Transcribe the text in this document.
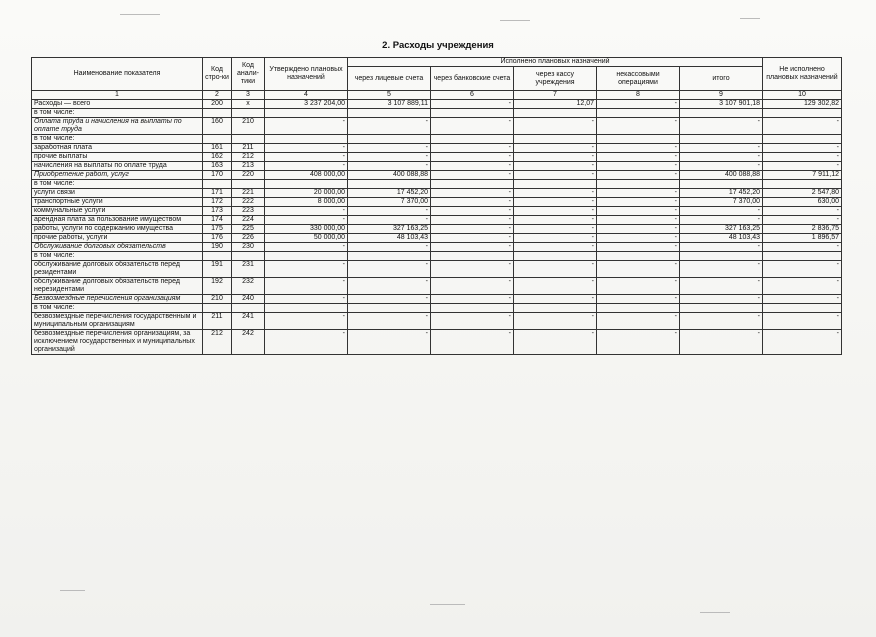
2. Расходы учреждения
Наименование показателя	Код стро-ки	Код анали-тики	Утверждено плановых назначений	Исполнено плановых назначений					Не исполнено плановых назначений
				через лицевые счета	через банковские счета	через кассу учреждения	некассовыми операциями	итого	
1	2	3	4	5	6	7	8	9	10
Расходы — всего	200	x	3 237 204,00	3 107 889,11	-	12,07	-	3 107 901,18	129 302,82
в том числе:									
Оплата труда и начисления на выплаты по оплате труда	160	210	-	-	-	-	-	-	-
в том числе:									
заработная плата	161	211	-	-	-	-	-	-	-
прочие выплаты	162	212	-	-	-	-	-	-	-
начисления на выплаты по оплате труда	163	213	-	-	-	-	-	-	-
Приобретение работ, услуг	170	220	408 000,00	400 088,88	-	-	-	400 088,88	7 911,12
в том числе:									
услуги связи	171	221	20 000,00	17 452,20	-	-	-	17 452,20	2 547,80
транспортные услуги	172	222	8 000,00	7 370,00	-	-	-	7 370,00	630,00
коммунальные услуги	173	223	-	-	-	-	-	-	-
арендная плата за пользование имуществом	174	224	-	-	-	-	-	-	-
работы, услуги по содержанию имущества	175	225	330 000,00	327 163,25	-	-	-	327 163,25	2 836,75
прочие работы, услуги	176	226	50 000,00	48 103,43	-	-	-	48 103,43	1 896,57
Обслуживание долговых обязательств	190	230	-	-	-	-	-	-	-
в том числе:									
обслуживание долговых обязательств перед резидентами	191	231	-	-	-	-	-	-	-
обслуживание долговых обязательств перед нерезидентами	192	232	-	-	-	-	-	-	-
Безвозмездные перечисления организациям	210	240	-	-	-	-	-	-	-
в том числе:									
безвозмездные перечисления государственным и муниципальным организациям	211	241	-	-	-	-	-	-	-
безвозмездные перечисления организациям, за исключением государственных и муниципальных организаций	212	242	-	-	-	-	-	-	-
